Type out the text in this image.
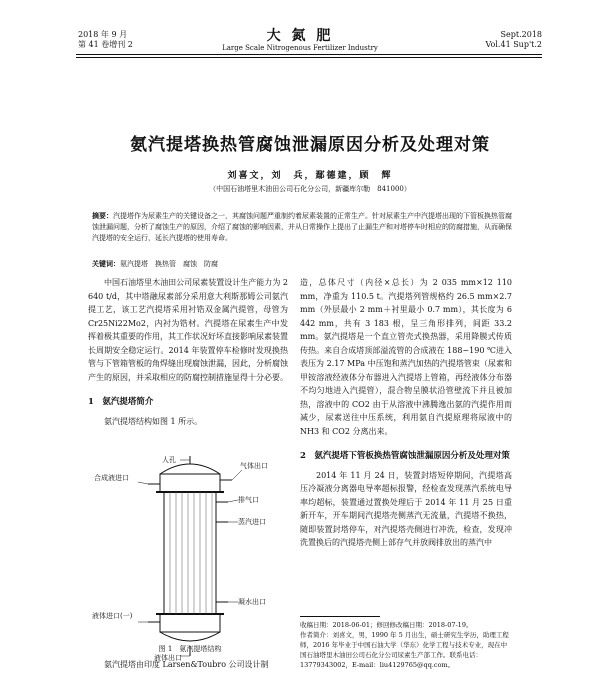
2018 年 9 月
第 41 卷增刊 2
大 氮 肥
Large Scale Nitrogenous Fertilizer Industry
Sept.2018
Vol.41 Sup't.2
氨汽提塔换热管腐蚀泄漏原因分析及处理对策
刘喜文，刘　兵，鄢德建，顾　辉
（中国石油塔里木油田公司石化分公司，新疆库尔勒　841000）
摘要：汽提塔作为尿素生产的关键设备之一，其腐蚀问题严重制约着尿素装置的正常生产。针对尿素生产中汽提塔出现的下管板换热管腐蚀泄漏问题，分析了腐蚀生产的原因，介绍了腐蚀的影响因素，并从日常操作上提出了止漏生产和对塔停车时相应的防腐措施，从而确保汽提塔的安全运行，延长汽提塔的使用寿命。
关键词：氨汽提塔　换热管　腐蚀　防腐

中国石油塔里木油田公司尿素装置设计生产能力为 2 640 t/d，其中塔融尿素部分采用意大利斯那姆公司氨汽提工艺，该工艺汽提塔采用衬锆双金属汽提管，母管为 Cr25Ni22Mo2，内衬为锆材。汽提塔在尿素生产中发挥着极其重要的作用，其工作状况好坏直接影响尿素装置长周期安全稳定运行。2014 年装置停车检修时发现换热管与下管箱管板的角焊缝出现腐蚀泄漏，因此，分析腐蚀产生的原因，并采取相应的防腐控制措施显得十分必要。

1　氨汽提塔简介

氨汽提塔结构如图 1 所示。

人孔
气体出口
合成液进口
排气口
蒸汽进口
凝水出口
液体进口(一)
液体出口
图 1　氨汽提塔结构
氨汽提塔由印度 Larsen&Toubro 公司设计制

造，总体尺寸（内径×总长）为 2 035 mm×12 110 mm，净重为 110.5 t。汽提塔列管规格约 26.5 mm×2.7 mm（外层最小 2 mm＋衬里最小 0.7 mm），其长度为 6 442 mm，共有 3 183 根，呈三角形排列，间距 33.2 mm。氨汽提塔是一个直立管壳式换热器，采用降膜式传质传热。来自合成塔顶部溢流管的合成液在 188~190 ℃进入表压为 2.17 MPa 中压饱和蒸汽加热的汽提塔管束（尿素和甲铵溶液经液体分布器进入汽提塔上管箱，再经液体分布器不均匀地进入汽提管），混合物呈膜状沿管壁流下并且被加热，溶液中的 CO2 由于从溶液中沸腾逸出氨的汽提作用而减少，尿素送往中压系统，利用氨自汽提原理将尿液中的 NH3 和 CO2 分离出来。

2　氨汽提塔下管板换热管腐蚀泄漏原因分析及处理对策

2014 年 11 月 24 日，装置封塔短停期间，汽提塔高压冷凝液分离器电导率超标报警，经检查发现蒸汽系统电导率均超标，装置通过置换处理后于 2014 年 11 月 25 日重新开车，开车期间汽提塔壳侧蒸汽无流量，汽提塔不换热，随即装置封塔停车，对汽提塔壳侧进行冲洗，检查，发现冲洗置换后的汽提塔壳侧上部存气并放阀排放出的蒸汽中

收稿日期：2018-06-01；修回修改稿日期：2018-07-19。

作者简介：刘喜文，男，1990 年 5 月出生，硕士研究生学历，助理工程师，2016 年毕业于中国石油大学（华东）化学工程与技术专业，现在中国石油塔里木油田公司石化分公司尿素生产部工作。联系电话：13779343002，E-mail：liu4129765@qq.com。
